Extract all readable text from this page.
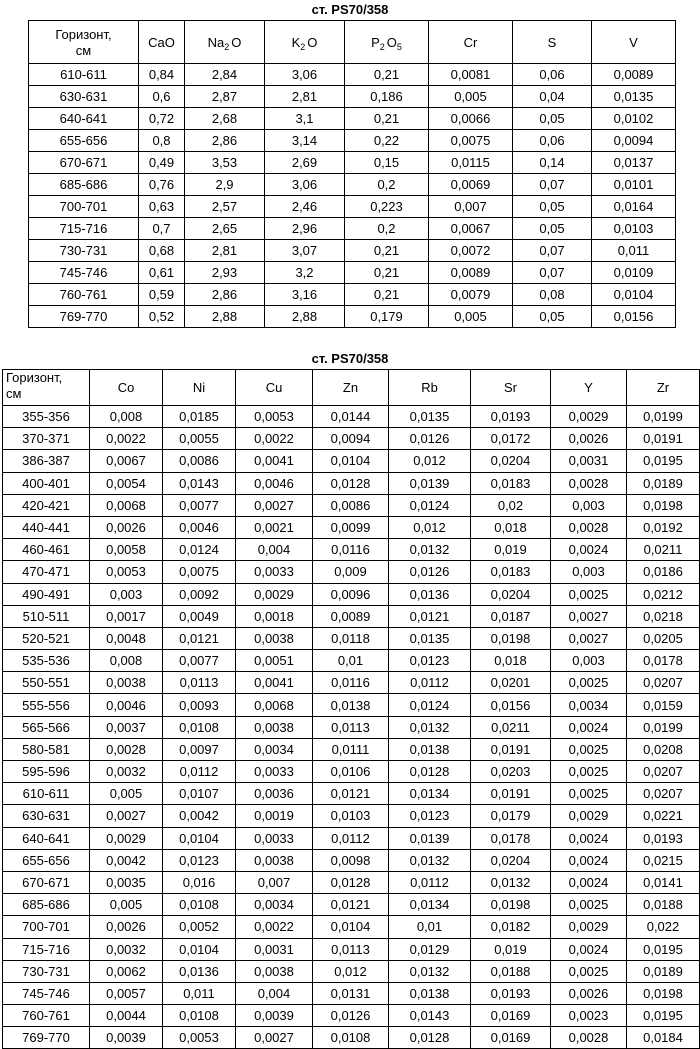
ст. PS70/358
Горизонт,
см	CaO	$Na_2$ O	$K_2$ O	$P_2$ $O_5$	Cr	S	V
610-611	0,84	2,84	3,06	0,21	0,0081	0,06	0,0089
630-631	0,6	2,87	2,81	0,186	0,005	0,04	0,0135
640-641	0,72	2,68	3,1	0,21	0,0066	0,05	0,0102
655-656	0,8	2,86	3,14	0,22	0,0075	0,06	0,0094
670-671	0,49	3,53	2,69	0,15	0,0115	0,14	0,0137
685-686	0,76	2,9	3,06	0,2	0,0069	0,07	0,0101
700-701	0,63	2,57	2,46	0,223	0,007	0,05	0,0164
715-716	0,7	2,65	2,96	0,2	0,0067	0,05	0,0103
730-731	0,68	2,81	3,07	0,21	0,0072	0,07	0,011
745-746	0,61	2,93	3,2	0,21	0,0089	0,07	0,0109
760-761	0,59	2,86	3,16	0,21	0,0079	0,08	0,0104
769-770	0,52	2,88	2,88	0,179	0,005	0,05	0,0156
ст. PS70/358
Горизонт,
см	Co	Ni	Cu	Zn	Rb	Sr	Y	Zr
355-356	0,008	0,0185	0,0053	0,0144	0,0135	0,0193	0,0029	0,0199
370-371	0,0022	0,0055	0,0022	0,0094	0,0126	0,0172	0,0026	0,0191
386-387	0,0067	0,0086	0,0041	0,0104	0,012	0,0204	0,0031	0,0195
400-401	0,0054	0,0143	0,0046	0,0128	0,0139	0,0183	0,0028	0,0189
420-421	0,0068	0,0077	0,0027	0,0086	0,0124	0,02	0,003	0,0198
440-441	0,0026	0,0046	0,0021	0,0099	0,012	0,018	0,0028	0,0192
460-461	0,0058	0,0124	0,004	0,0116	0,0132	0,019	0,0024	0,0211
470-471	0,0053	0,0075	0,0033	0,009	0,0126	0,0183	0,003	0,0186
490-491	0,003	0,0092	0,0029	0,0096	0,0136	0,0204	0,0025	0,0212
510-511	0,0017	0,0049	0,0018	0,0089	0,0121	0,0187	0,0027	0,0218
520-521	0,0048	0,0121	0,0038	0,0118	0,0135	0,0198	0,0027	0,0205
535-536	0,008	0,0077	0,0051	0,01	0,0123	0,018	0,003	0,0178
550-551	0,0038	0,0113	0,0041	0,0116	0,0112	0,0201	0,0025	0,0207
555-556	0,0046	0,0093	0,0068	0,0138	0,0124	0,0156	0,0034	0,0159
565-566	0,0037	0,0108	0,0038	0,0113	0,0132	0,0211	0,0024	0,0199
580-581	0,0028	0,0097	0,0034	0,0111	0,0138	0,0191	0,0025	0,0208
595-596	0,0032	0,0112	0,0033	0,0106	0,0128	0,0203	0,0025	0,0207
610-611	0,005	0,0107	0,0036	0,0121	0,0134	0,0191	0,0025	0,0207
630-631	0,0027	0,0042	0,0019	0,0103	0,0123	0,0179	0,0029	0,0221
640-641	0,0029	0,0104	0,0033	0,0112	0,0139	0,0178	0,0024	0,0193
655-656	0,0042	0,0123	0,0038	0,0098	0,0132	0,0204	0,0024	0,0215
670-671	0,0035	0,016	0,007	0,0128	0,0112	0,0132	0,0024	0,0141
685-686	0,005	0,0108	0,0034	0,0121	0,0134	0,0198	0,0025	0,0188
700-701	0,0026	0,0052	0,0022	0,0104	0,01	0,0182	0,0029	0,022
715-716	0,0032	0,0104	0,0031	0,0113	0,0129	0,019	0,0024	0,0195
730-731	0,0062	0,0136	0,0038	0,012	0,0132	0,0188	0,0025	0,0189
745-746	0,0057	0,011	0,004	0,0131	0,0138	0,0193	0,0026	0,0198
760-761	0,0044	0,0108	0,0039	0,0126	0,0143	0,0169	0,0023	0,0195
769-770	0,0039	0,0053	0,0027	0,0108	0,0128	0,0169	0,0028	0,0184
